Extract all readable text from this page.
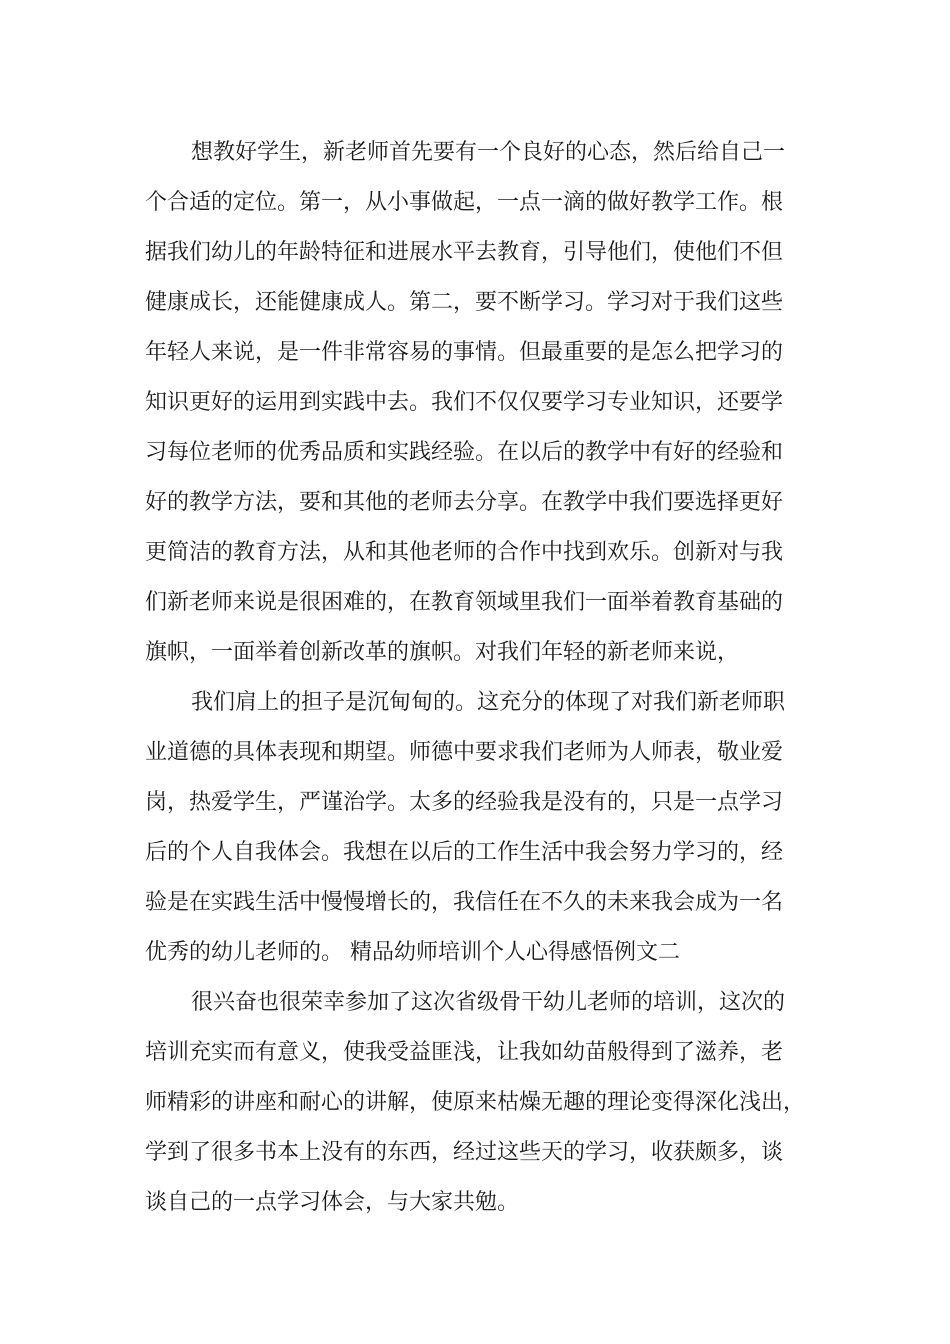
想教好学生，新老师首先要有一个良好的心态，然后给自己一
个合适的定位。第一，从小事做起，一点一滴的做好教学工作。根
据我们幼儿的年龄特征和进展水平去教育，引导他们，使他们不但
健康成长，还能健康成人。第二，要不断学习。学习对于我们这些
年轻人来说，是一件非常容易的事情。但最重要的是怎么把学习的
知识更好的运用到实践中去。我们不仅仅要学习专业知识，还要学
习每位老师的优秀品质和实践经验。在以后的教学中有好的经验和
好的教学方法，要和其他的老师去分享。在教学中我们要选择更好
更简洁的教育方法，从和其他老师的合作中找到欢乐。创新对与我
们新老师来说是很困难的，在教育领域里我们一面举着教育基础的
旗帜，一面举着创新改革的旗帜。对我们年轻的新老师来说，
我们肩上的担子是沉甸甸的。这充分的体现了对我们新老师职
业道德的具体表现和期望。师德中要求我们老师为人师表，敬业爱
岗，热爱学生，严谨治学。太多的经验我是没有的，只是一点学习
后的个人自我体会。我想在以后的工作生活中我会努力学习的，经
验是在实践生活中慢慢增长的，我信任在不久的未来我会成为一名
优秀的幼儿老师的。 精品幼师培训个人心得感悟例文二
很兴奋也很荣幸参加了这次省级骨干幼儿老师的培训，这次的
培训充实而有意义，使我受益匪浅，让我如幼苗般得到了滋养，老
师精彩的讲座和耐心的讲解，使原来枯燥无趣的理论变得深化浅出，
学到了很多书本上没有的东西，经过这些天的学习，收获颇多，谈
谈自己的一点学习体会，与大家共勉。
